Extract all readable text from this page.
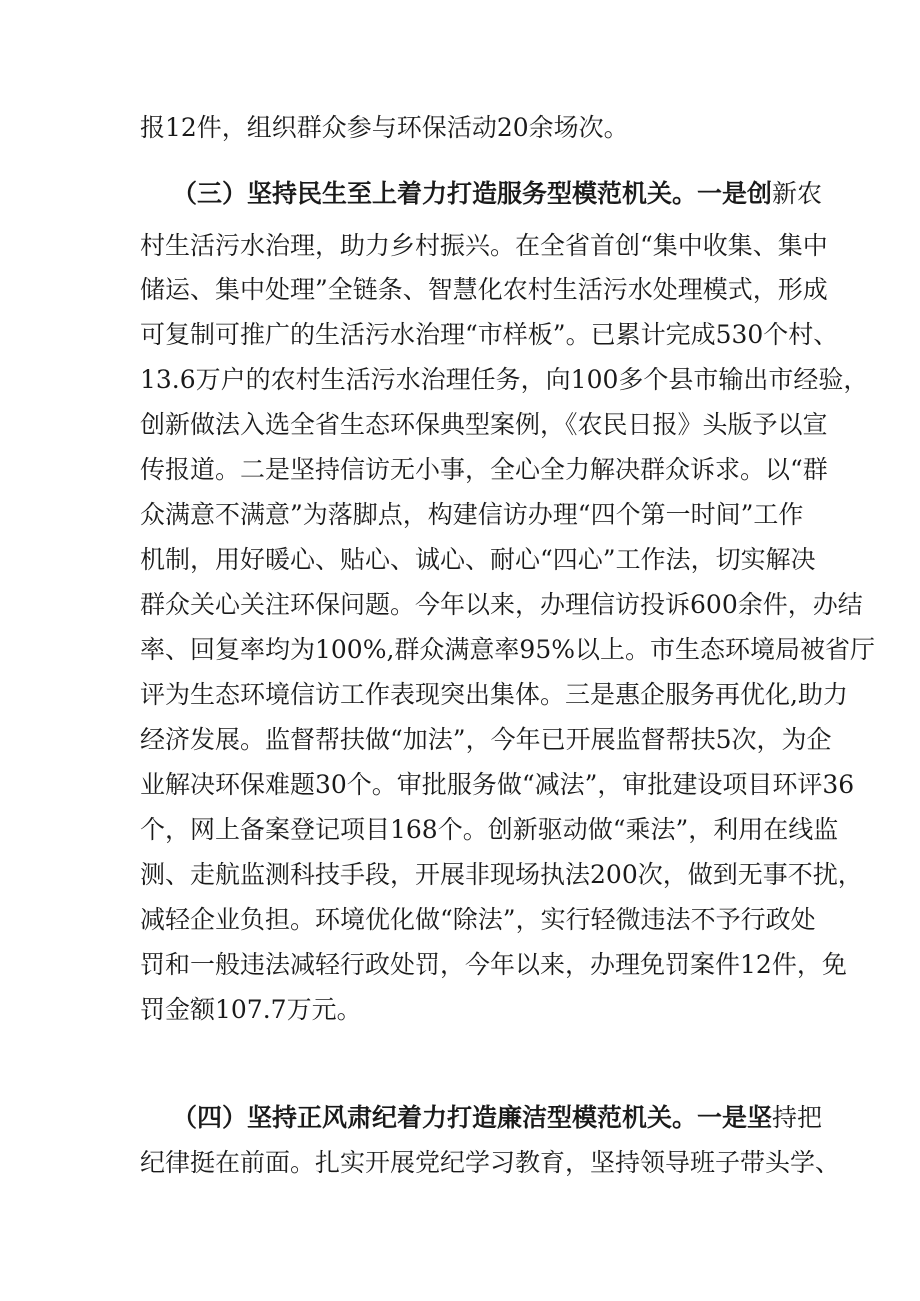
报12件，组织群众参与环保活动20余场次。
（三）坚持民生至上着力打造服务型模范机关。一是创新农
村生活污水治理，助力乡村振兴。在全省首创“集中收集、集中
储运、集中处理”全链条、智慧化农村生活污水处理模式，形成
可复制可推广的生活污水治理“市样板”。已累计完成530个村、
13.6万户的农村生活污水治理任务，向100多个县市输出市经验，
创新做法入选全省生态环保典型案例，《农民日报》头版予以宣
传报道。二是坚持信访无小事，全心全力解决群众诉求。以“群
众满意不满意”为落脚点，构建信访办理“四个第一时间”工作
机制，用好暖心、贴心、诚心、耐心“四心”工作法，切实解决
群众关心关注环保问题。今年以来，办理信访投诉600余件，办结
率、回复率均为100%,群众满意率95%以上。市生态环境局被省厅
评为生态环境信访工作表现突出集体。三是惠企服务再优化,助力
经济发展。监督帮扶做“加法”，今年已开展监督帮扶5次，为企
业解决环保难题30个。审批服务做“减法”，审批建设项目环评36
个，网上备案登记项目168个。创新驱动做“乘法”，利用在线监
测、走航监测科技手段，开展非现场执法200次，做到无事不扰，
减轻企业负担。环境优化做“除法”，实行轻微违法不予行政处
罚和一般违法减轻行政处罚，今年以来，办理免罚案件12件，免
罚金额107.7万元。
（四）坚持正风肃纪着力打造廉洁型模范机关。一是坚持把
纪律挺在前面。扎实开展党纪学习教育，坚持领导班子带头学、
